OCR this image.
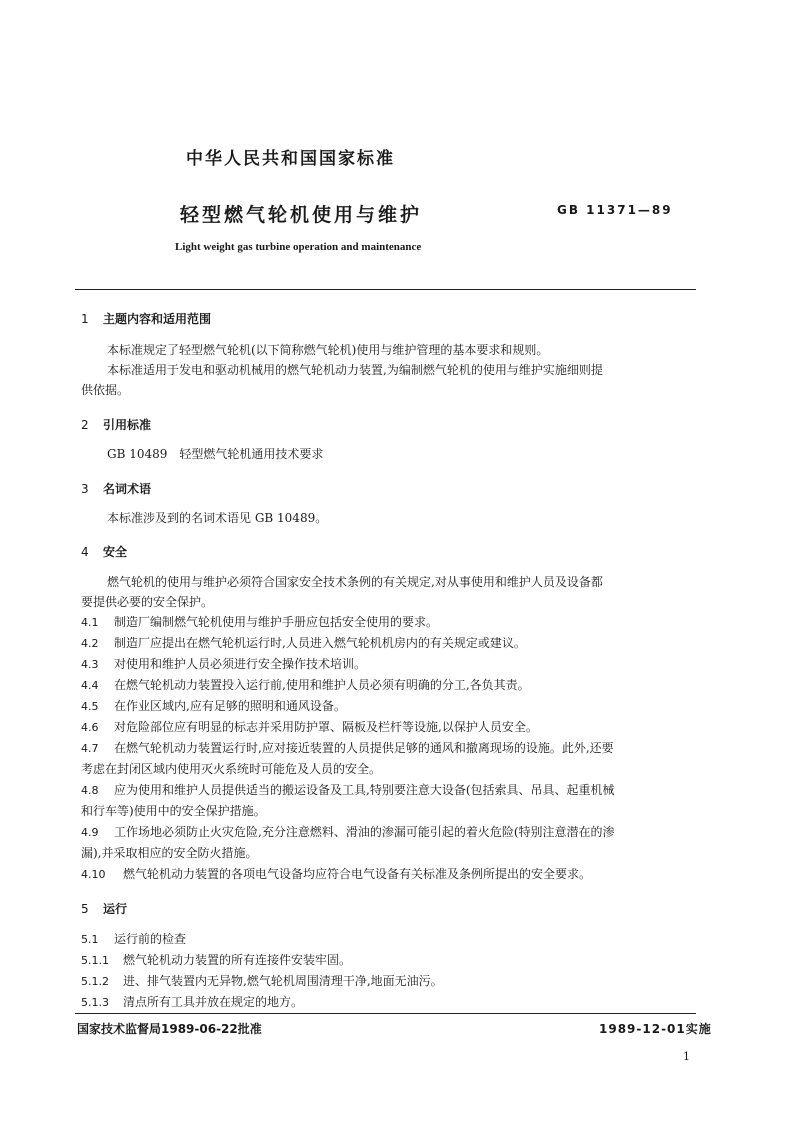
中华人民共和国国家标准
轻型燃气轮机使用与维护	GB 11371—89
Light weight gas turbine operation and maintenance
1 主题内容和适用范围
本标准规定了轻型燃气轮机(以下简称燃气轮机)使用与维护管理的基本要求和规则。
本标准适用于发电和驱动机械用的燃气轮机动力装置,为编制燃气轮机的使用与维护实施细则提
供依据。
2 引用标准
GB 10489　轻型燃气轮机通用技术要求
3 名词术语
本标准涉及到的名词术语见 GB 10489。
4 安全
燃气轮机的使用与维护必须符合国家安全技术条例的有关规定,对从事使用和维护人员及设备都
要提供必要的安全保护。
4.1 制造厂编制燃气轮机使用与维护手册应包括安全使用的要求。
4.2 制造厂应提出在燃气轮机运行时,人员进入燃气轮机机房内的有关规定或建议。
4.3 对使用和维护人员必须进行安全操作技术培训。
4.4 在燃气轮机动力装置投入运行前,使用和维护人员必须有明确的分工,各负其责。
4.5 在作业区域内,应有足够的照明和通风设备。
4.6 对危险部位应有明显的标志并采用防护罩、隔板及栏杆等设施,以保护人员安全。
4.7 在燃气轮机动力装置运行时,应对接近装置的人员提供足够的通风和撤离现场的设施。此外,还要
考虑在封闭区域内使用灭火系统时可能危及人员的安全。
4.8 应为使用和维护人员提供适当的搬运设备及工具,特别要注意大设备(包括索具、吊具、起重机械
和行车等)使用中的安全保护措施。
4.9 工作场地必须防止火灾危险,充分注意燃料、滑油的渗漏可能引起的着火危险(特别注意潜在的渗
漏),并采取相应的安全防火措施。
4.10 燃气轮机动力装置的各项电气设备均应符合电气设备有关标准及条例所提出的安全要求。
5 运行
5.1 运行前的检查
5.1.1 燃气轮机动力装置的所有连接件安装牢固。
5.1.2 进、排气装置内无异物,燃气轮机周围清理干净,地面无油污。
5.1.3 清点所有工具并放在规定的地方。
国家技术监督局1989-06-22批准	1989-12-01实施
1
